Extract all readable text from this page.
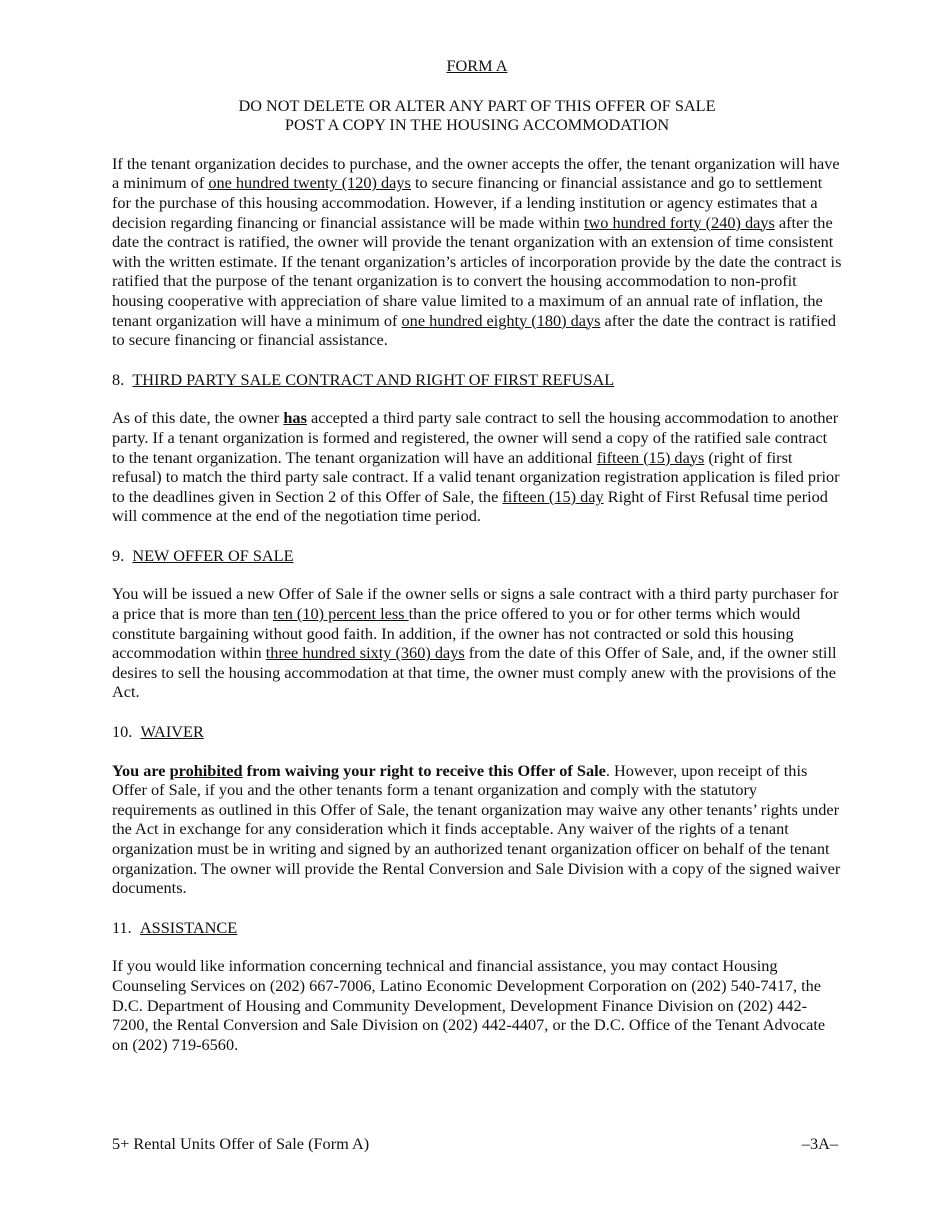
FORM A

DO NOT DELETE OR ALTER ANY PART OF THIS OFFER OF SALE
POST A COPY IN THE HOUSING ACCOMMODATION

If the tenant organization decides to purchase, and the owner accepts the offer, the tenant organization will have a minimum of one hundred twenty (120) days to secure financing or financial assistance and go to settlement for the purchase of this housing accommodation. However, if a lending institution or agency estimates that a decision regarding financing or financial assistance will be made within two hundred forty (240) days after the date the contract is ratified, the owner will provide the tenant organization with an extension of time consistent with the written estimate. If the tenant organization’s articles of incorporation provide by the date the contract is ratified that the purpose of the tenant organization is to convert the housing accommodation to non-profit housing cooperative with appreciation of share value limited to a maximum of an annual rate of inflation, the tenant organization will have a minimum of one hundred eighty (180) days after the date the contract is ratified to secure financing or financial assistance.

8. THIRD PARTY SALE CONTRACT AND RIGHT OF FIRST REFUSAL

As of this date, the owner has accepted a third party sale contract to sell the housing accommodation to another party. If a tenant organization is formed and registered, the owner will send a copy of the ratified sale contract to the tenant organization. The tenant organization will have an additional fifteen (15) days (right of first refusal) to match the third party sale contract. If a valid tenant organization registration application is filed prior to the deadlines given in Section 2 of this Offer of Sale, the fifteen (15) day Right of First Refusal time period will commence at the end of the negotiation time period.

9. NEW OFFER OF SALE

You will be issued a new Offer of Sale if the owner sells or signs a sale contract with a third party purchaser for a price that is more than ten (10) percent less than the price offered to you or for other terms which would constitute bargaining without good faith. In addition, if the owner has not contracted or sold this housing accommodation within three hundred sixty (360) days from the date of this Offer of Sale, and, if the owner still desires to sell the housing accommodation at that time, the owner must comply anew with the provisions of the Act.

10. WAIVER

You are prohibited from waiving your right to receive this Offer of Sale. However, upon receipt of this Offer of Sale, if you and the other tenants form a tenant organization and comply with the statutory requirements as outlined in this Offer of Sale, the tenant organization may waive any other tenants’ rights under the Act in exchange for any consideration which it finds acceptable. Any waiver of the rights of a tenant organization must be in writing and signed by an authorized tenant organization officer on behalf of the tenant organization. The owner will provide the Rental Conversion and Sale Division with a copy of the signed waiver documents.

11. ASSISTANCE

If you would like information concerning technical and financial assistance, you may contact Housing Counseling Services on (202) 667-7006, Latino Economic Development Corporation on (202) 540-7417, the D.C. Department of Housing and Community Development, Development Finance Division on (202) 442-7200, the Rental Conversion and Sale Division on (202) 442-4407, or the D.C. Office of the Tenant Advocate on (202) 719-6560.

5+ Rental Units Offer of Sale (Form A)	–3A–
